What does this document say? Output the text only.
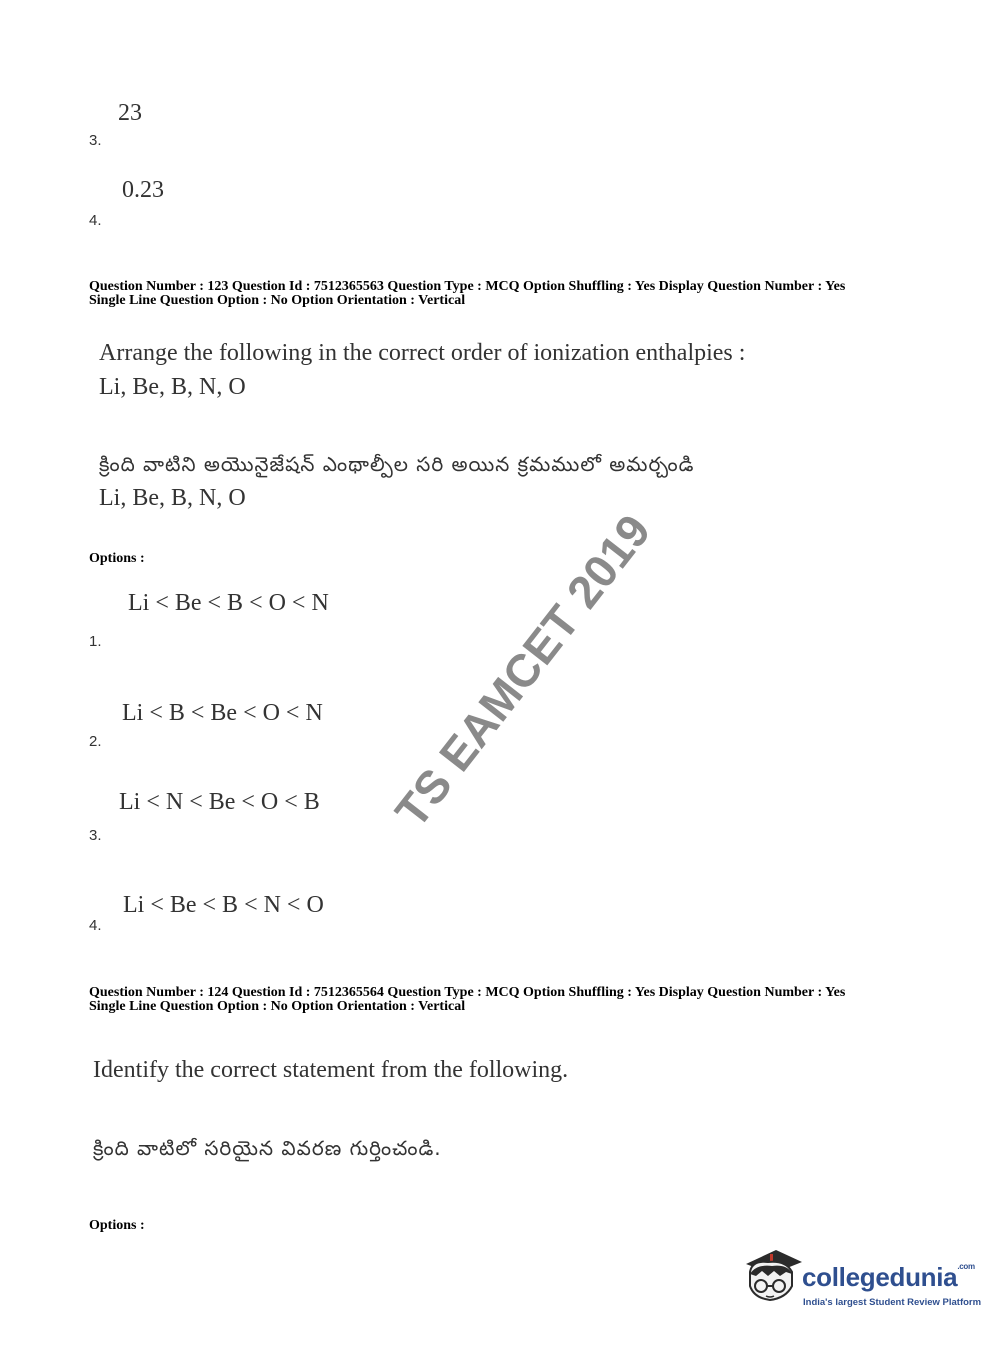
23
3.
0.23
4.
Question Number : 123 Question Id : 7512365563 Question Type : MCQ Option Shuffling : Yes Display Question Number : Yes
Single Line Question Option : No Option Orientation : Vertical
Arrange the following in the correct order of ionization enthalpies :
Li, Be, B, N, O
క్రింది వాటిని అయొనైజేషన్ ఎంథాల్పీల సరి అయిన క్రమములో అమర్చండి
Li, Be, B, N, O
Options :
Li < Be < B < O < N
1.
Li < B < Be < O < N
2.
Li < N < Be < O < B
3.
Li < Be < B < N < O
4.
Question Number : 124 Question Id : 7512365564 Question Type : MCQ Option Shuffling : Yes Display Question Number : Yes
Single Line Question Option : No Option Orientation : Vertical
Identify the correct statement from the following.
క్రింది వాటిలో సరియైన వివరణ గుర్తించండి.
Options :
TS EAMCET 2019
collegedunia$^{.com}$
India's largest Student Review Platform
